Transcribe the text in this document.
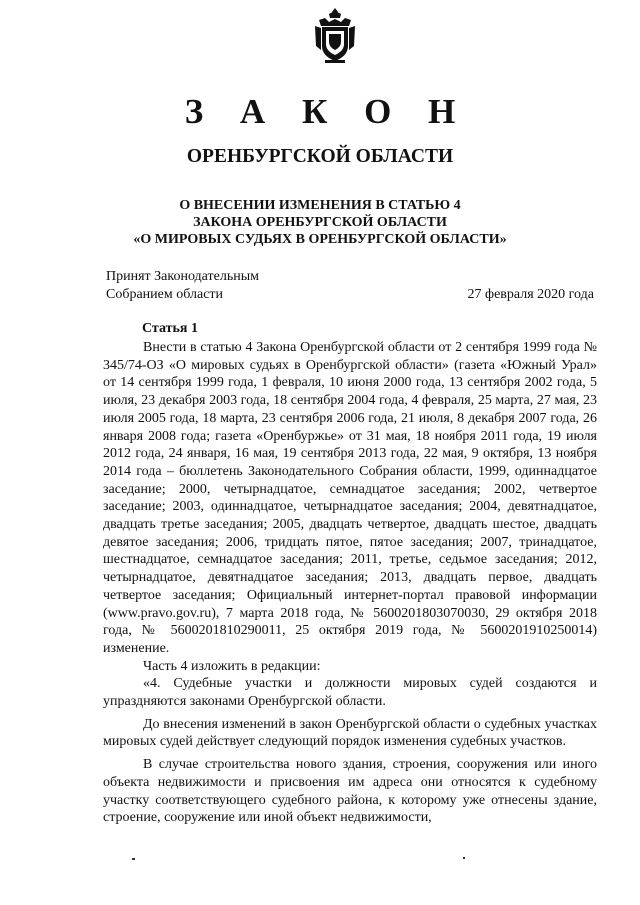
З А К О Н
ОРЕНБУРГСКОЙ ОБЛАСТИ
О ВНЕСЕНИИ ИЗМЕНЕНИЯ В СТАТЬЮ 4
ЗАКОНА ОРЕНБУРГСКОЙ ОБЛАСТИ
«О МИРОВЫХ СУДЬЯХ В ОРЕНБУРГСКОЙ ОБЛАСТИ»
Принят Законодательным
Собранием области	27 февраля 2020 года
Статья 1

Внести в статью 4 Закона Оренбургской области от 2 сентября 1999 года № 345/74-ОЗ «О мировых судьях в Оренбургской области» (газета «Южный Урал» от 14 сентября 1999 года, 1 февраля, 10 июня 2000 года, 13 сентября 2002 года, 5 июля, 23 декабря 2003 года, 18 сентября 2004 года, 4 февраля, 25 марта, 27 мая, 23 июля 2005 года, 18 марта, 23 сентября 2006 года, 21 июля, 8 декабря 2007 года, 26 января 2008 года; газета «Оренбуржье» от 31 мая, 18 ноября 2011 года, 19 июля 2012 года, 24 января, 16 мая, 19 сентября 2013 года, 22 мая, 9 октября, 13 ноября 2014 года – бюллетень Законодательного Собрания области, 1999, одиннадцатое заседание; 2000, четырнадцатое, семнадцатое заседания; 2002, четвертое заседание; 2003, одиннадцатое, четырнадцатое заседания; 2004, девятнадцатое, двадцать третье заседания; 2005, двадцать четвертое, двадцать шестое, двадцать девятое заседания; 2006, тридцать пятое, пятое заседания; 2007, тринадцатое, шестнадцатое, семнадцатое заседания; 2011, третье, седьмое заседания; 2012, четырнадцатое, девятнадцатое заседания; 2013, двадцать первое, двадцать четвертое заседания; Официальный интернет-портал правовой информации (www.pravo.gov.ru), 7 марта 2018 года, № 5600201803070030, 29 октября 2018 года, № 5600201810290011, 25 октября 2019 года, № 5600201910250014) изменение.

Часть 4 изложить в редакции:

«4. Судебные участки и должности мировых судей создаются и упраздняются законами Оренбургской области.

До внесения изменений в закон Оренбургской области о судебных участках мировых судей действует следующий порядок изменения судебных участков.

В случае строительства нового здания, строения, сооружения или иного объекта недвижимости и присвоения им адреса они относятся к судебному участку соответствующего судебного района, к которому уже отнесены здание, строение, сооружение или иной объект недвижимости,
